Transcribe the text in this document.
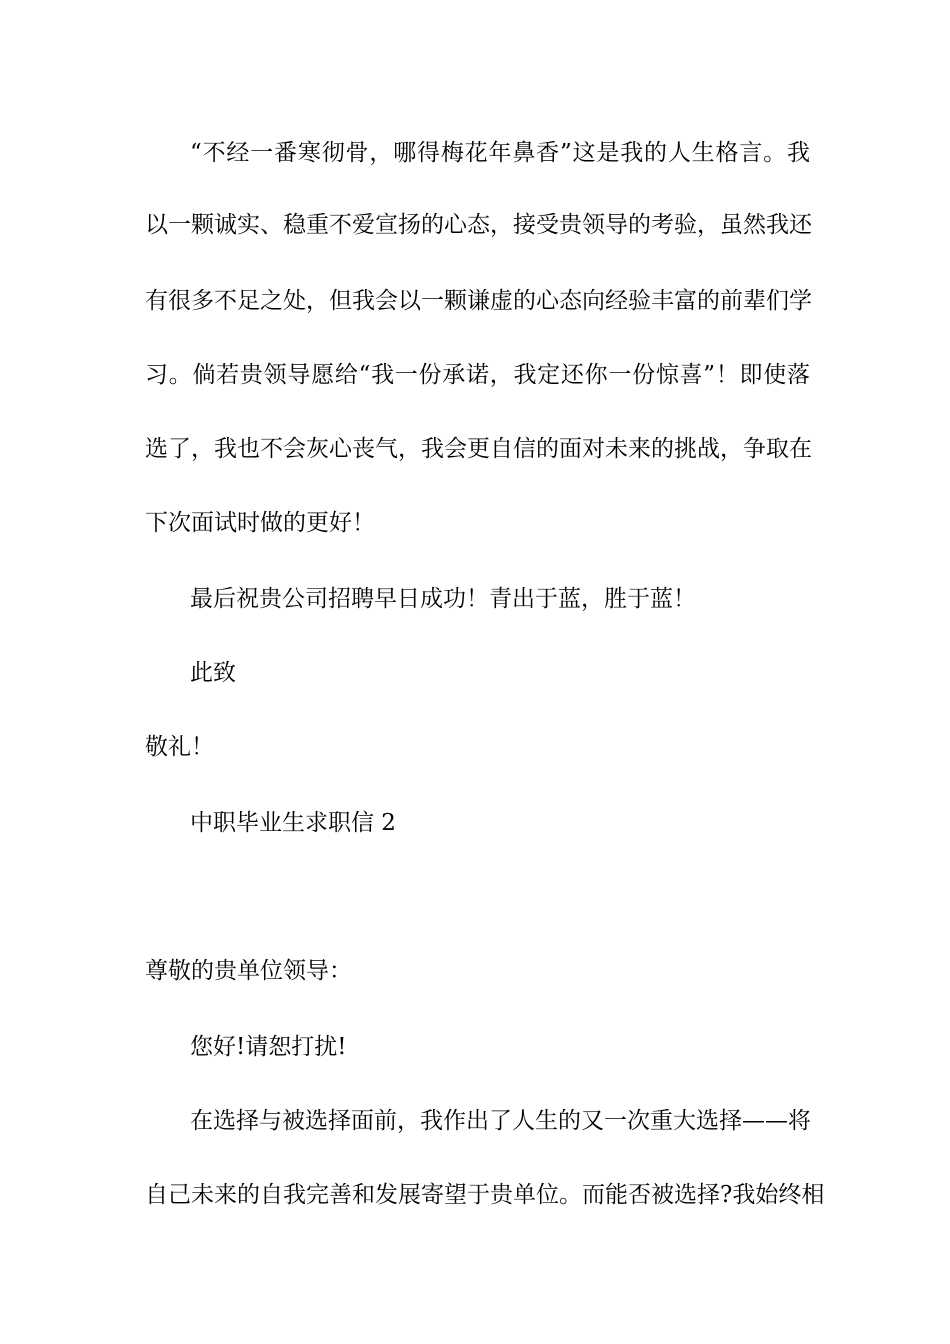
“不经一番寒彻骨，哪得梅花年鼻香”这是我的人生格言。我
以一颗诚实、稳重不爱宣扬的心态，接受贵领导的考验，虽然我还
有很多不足之处，但我会以一颗谦虚的心态向经验丰富的前辈们学
习。倘若贵领导愿给“我一份承诺，我定还你一份惊喜”！即使落
选了，我也不会灰心丧气，我会更自信的面对未来的挑战，争取在
下次面试时做的更好！
最后祝贵公司招聘早日成功！青出于蓝，胜于蓝！
此致
敬礼！
中职毕业生求职信 2
尊敬的贵单位领导：
您好!请恕打扰!
在选择与被选择面前，我作出了人生的又一次重大选择——将
自己未来的自我完善和发展寄望于贵单位。而能否被选择?我始终相
